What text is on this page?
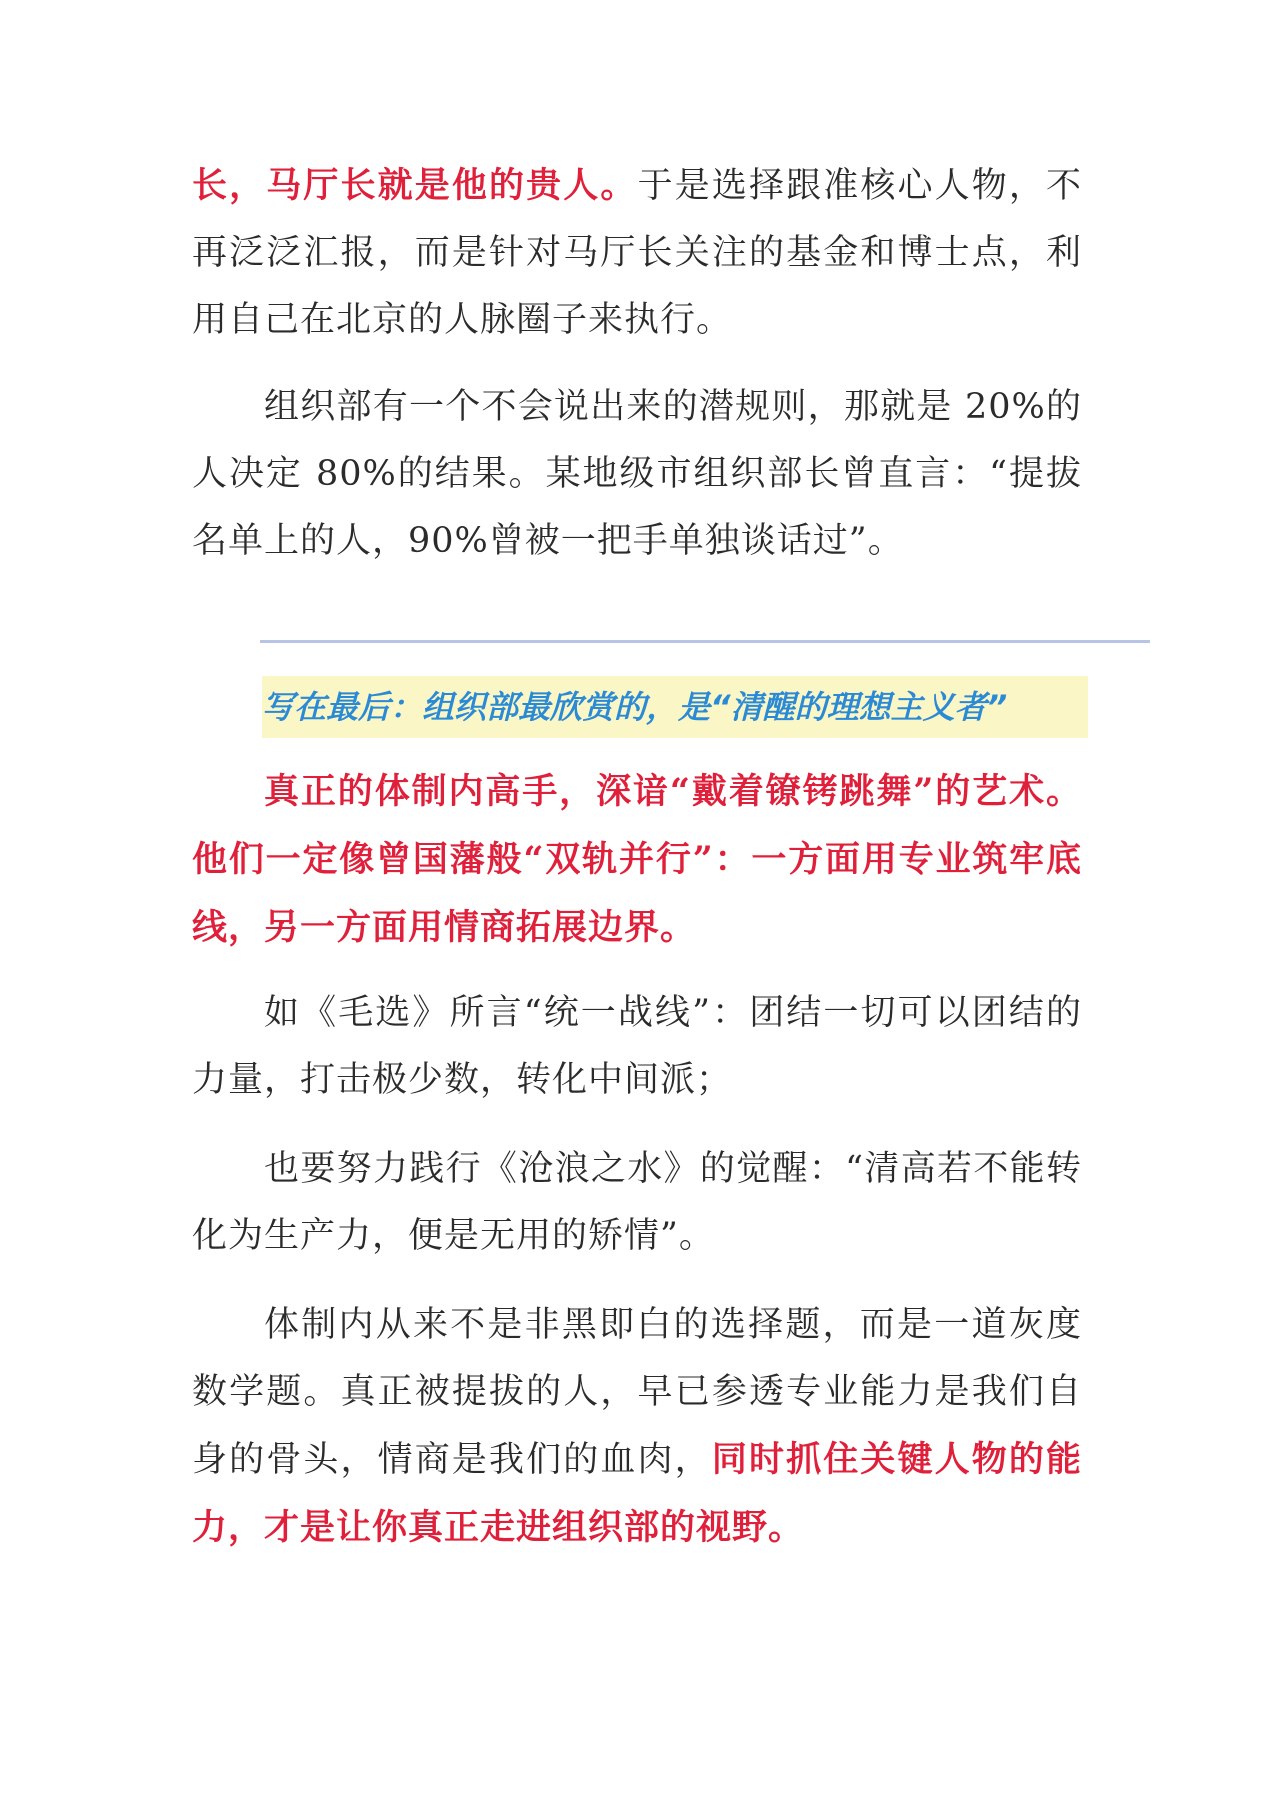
长，马厅长就是他的贵人。于是选择跟准核心人物，不再泛泛汇报，而是针对马厅长关注的基金和博士点，利用自己在北京的人脉圈子来执行。

组织部有一个不会说出来的潜规则，那就是 20%的人决定 80%的结果。某地级市组织部长曾直言：“提拔名单上的人，90%曾被一把手单独谈话过”。

写在最后：组织部最欣赏的，是“清醒的理想主义者”

真正的体制内高手，深谙“戴着镣铐跳舞”的艺术。他们一定像曾国藩般“双轨并行”：一方面用专业筑牢底线，另一方面用情商拓展边界。

如《毛选》所言“统一战线”：团结一切可以团结的力量，打击极少数，转化中间派；

也要努力践行《沧浪之水》的觉醒：“清高若不能转化为生产力，便是无用的矫情”。

体制内从来不是非黑即白的选择题，而是一道灰度数学题。真正被提拔的人，早已参透专业能力是我们自身的骨头，情商是我们的血肉，同时抓住关键人物的能力，才是让你真正走进组织部的视野。
